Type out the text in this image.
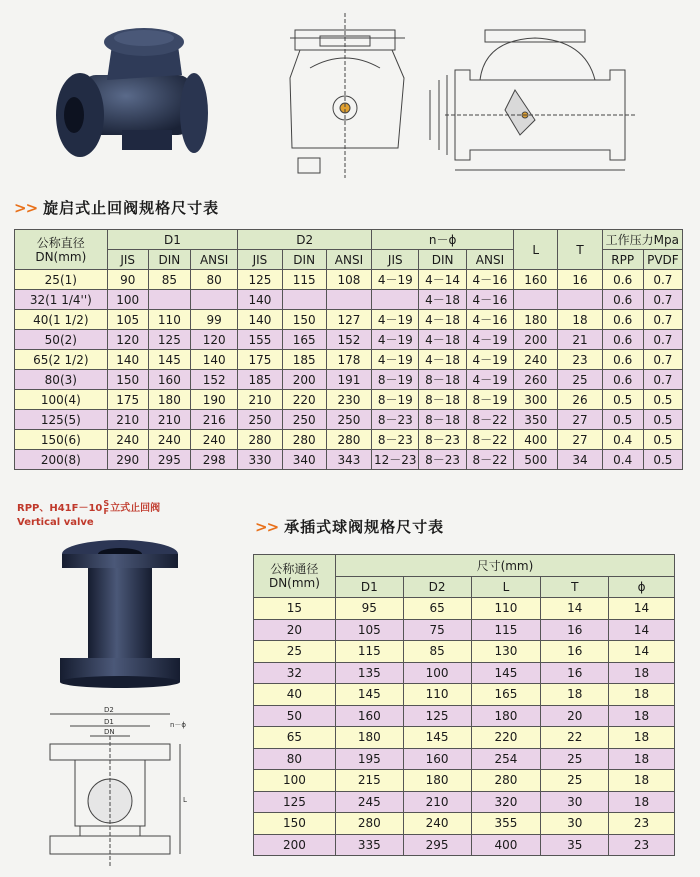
>> 旋启式止回阀规格尺寸表
公称直径
DN(mm)	D1			D2			n－ϕ			L	T	工作压力Mpa	
	JIS	DIN	ANSI	JIS	DIN	ANSI	JIS	DIN	ANSI			RPP	PVDF
25(1)	90	85	80	125	115	108	4－19	4－14	4－16	160	16	0.6	0.7
32(1 1/4'')	100			140				4－18	4－16			0.6	0.7
40(1 1/2)	105	110	99	140	150	127	4－19	4－18	4－16	180	18	0.6	0.7
50(2)	120	125	120	155	165	152	4－19	4－18	4－19	200	21	0.6	0.7
65(2 1/2)	140	145	140	175	185	178	4－19	4－18	4－19	240	23	0.6	0.7
80(3)	150	160	152	185	200	191	8－19	8－18	4－19	260	25	0.6	0.7
100(4)	175	180	190	210	220	230	8－19	8－18	8－19	300	26	0.5	0.5
125(5)	210	210	216	250	250	250	8－23	8－18	8－22	350	27	0.5	0.5
150(6)	240	240	240	280	280	280	8－23	8－23	8－22	400	27	0.4	0.5
200(8)	290	295	298	330	340	343	12－23	8－23	8－22	500	34	0.4	0.5
RPP、H41F－10S
F立式止回阀
Vertical valve
D2
D1
DN
n－ϕ
L
>> 承插式球阀规格尺寸表
公称通径
DN(mm)	尺寸(mm)				
	D1	D2	L	T	ϕ
15	95	65	110	14	14
20	105	75	115	16	14
25	115	85	130	16	14
32	135	100	145	16	18
40	145	110	165	18	18
50	160	125	180	20	18
65	180	145	220	22	18
80	195	160	254	25	18
100	215	180	280	25	18
125	245	210	320	30	18
150	280	240	355	30	23
200	335	295	400	35	23
